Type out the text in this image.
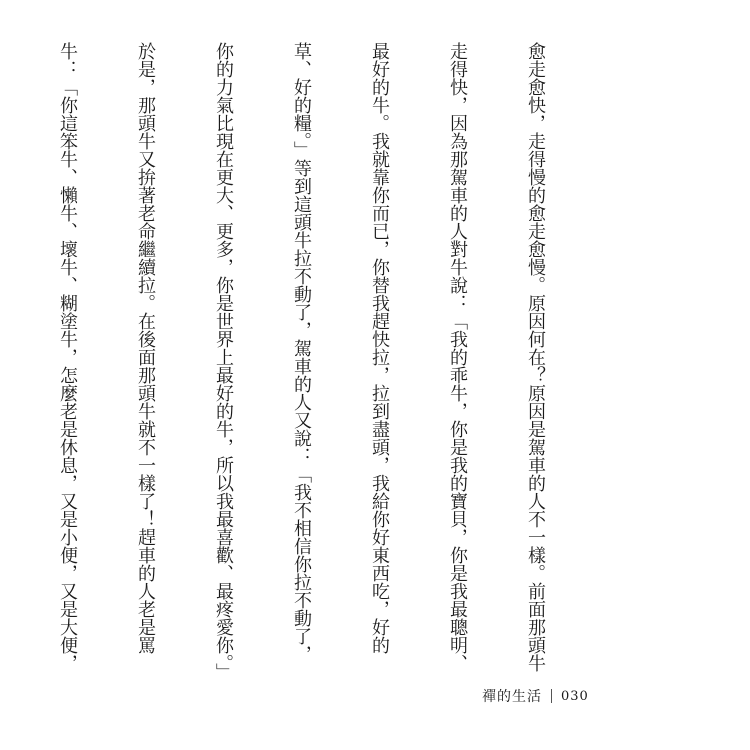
愈走愈快，走得慢的愈走愈慢。原因何在？原因是駕車的人不一樣。前面那頭牛

走得快，因為那駕車的人對牛說：「我的乖牛，你是我的寶貝，你是我最聰明、

最好的牛。我就靠你而已，你替我趕快拉，拉到盡頭，我給你好東西吃，好的

草、好的糧。」等到這頭牛拉不動了，駕車的人又說：「我不相信你拉不動了，

你的力氣比現在更大、更多，你是世界上最好的牛，所以我最喜歡、最疼愛你。」

於是，那頭牛又拚著老命繼續拉。在後面那頭牛就不一樣了！趕車的人老是罵

牛：「你這笨牛、懶牛、壞牛、糊塗牛，怎麼老是休息，又是小便，又是大便，

禪的生活 030
